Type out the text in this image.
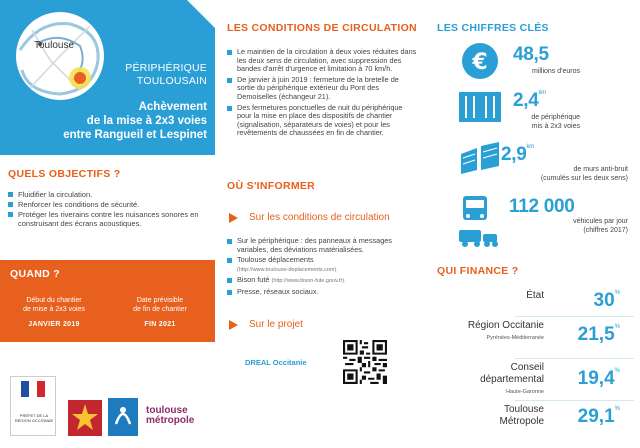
Toulouse
PÉRIPHÉRIQUE
TOULOUSAIN
Achèvement
de la mise à 2x3 voies
entre Rangueil et Lespinet
QUELS OBJECTIFS ?
Fluidifier la circulation.
Renforcer les conditions de sécurité.
Protéger les riverains contre les nuisances sonores en construisant des écrans acoustiques.
QUAND ?
Début du chantier
de mise à 2x3 voies
JANVIER 2019
Date prévisible
de fin de chantier
FIN 2021
PRÉFET DE LA RÉGION OCCITANIE
toulouse
métropole
LES CONDITIONS DE CIRCULATION
Le maintien de la circulation à deux voies réduites dans les deux sens de circulation, avec suppression des bandes d'arrêt d'urgence et limitation à 70 km/h.
De janvier à juin 2019 : fermeture de la bretelle de sortie du périphérique extérieur du Pont des Demoiselles (échangeur 21).
Des fermetures ponctuelles de nuit du périphérique pour la mise en place des dispositifs de chantier (signalisation, séparateurs de voies) et pour les revêtements de chaussées en fin de chantier.
OÙ S'INFORMER
Sur les conditions de circulation
Sur le périphérique : des panneaux à messages variables, des déviations matérialisées.
Toulouse déplacements
(http://www.toulouse-deplacements.com).
Bison futé (http://www.bison-fute.gouv.fr).
Presse, réseaux sociaux.
Sur le projet
DREAL Occitanie
LES CHIFFRES CLÉS
€ 48,5
millions d'euros
$2,4^{km}$
de périphérique
mis à 2x3 voies
$2,9^{km}$
de murs anti-bruit
(cumulés sur les deux sens)
112 000
véhicules par jour
(chiffres 2017)
QUI FINANCE ?
État	30%
Région Occitanie
Pyrénées-Méditerranée 21,5%
Conseil départemental
Haute-Garonne
19,4%
Toulouse Métropole 29,1%
